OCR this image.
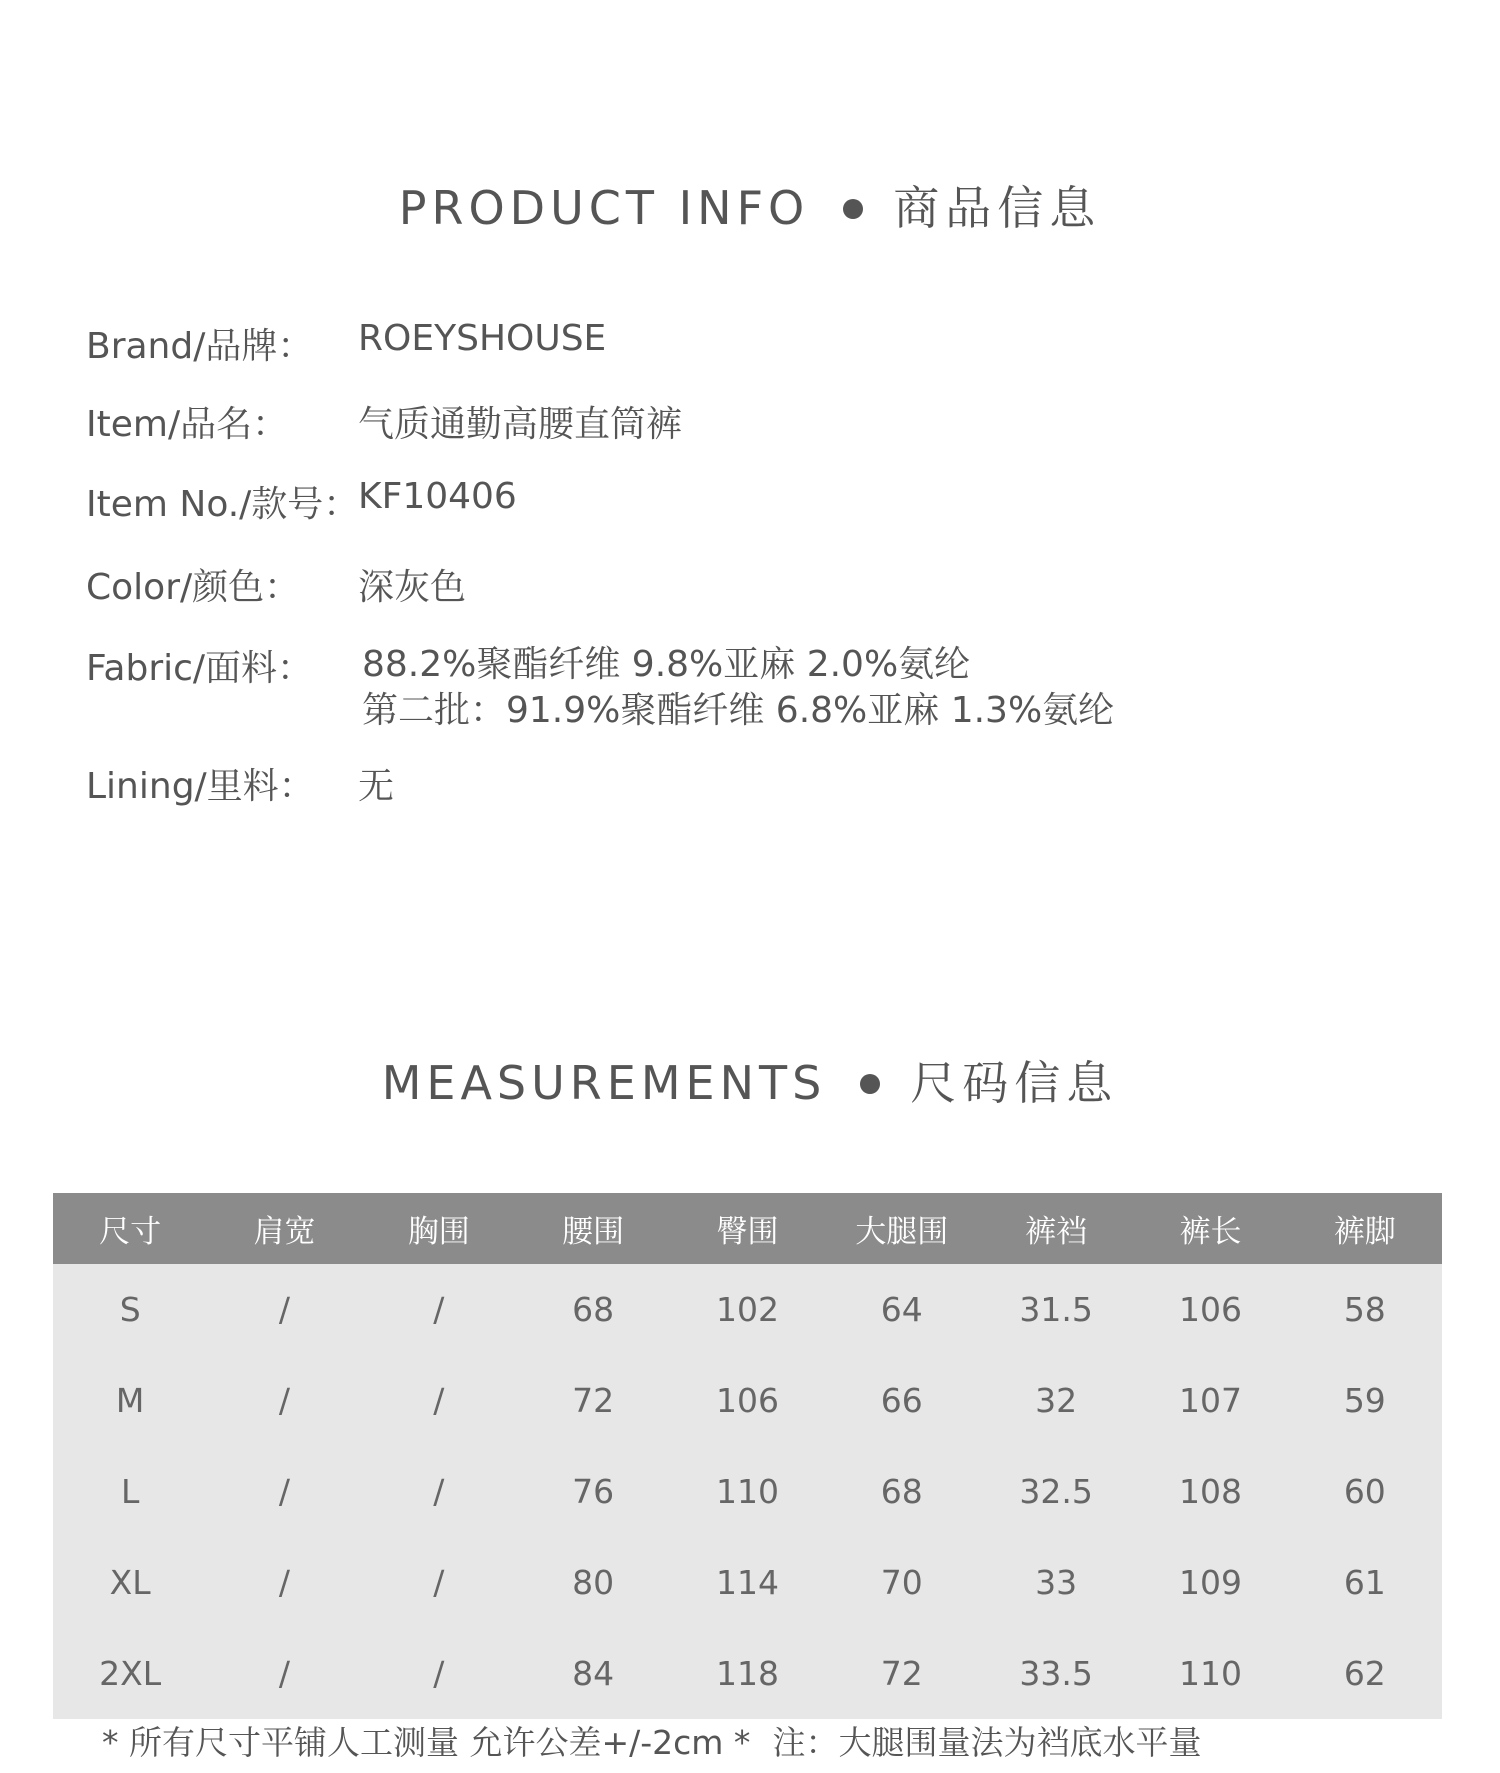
PRODUCT INFO 商品信息
Brand/品牌： ROEYSHOUSE
Item/品名： 气质通勤高腰直筒裤
Item No./款号：
KF10406
Color/颜色： 深灰色
Fabric/面料： 88.2%聚酯纤维 9.8%亚麻 2.0%氨纶
第二批：91.9%聚酯纤维 6.8%亚麻 1.3%氨纶
Lining/里料： 无
MEASUREMENTS 尺码信息
尺寸	肩宽	胸围	腰围	臀围	大腿围	裤裆	裤长	裤脚
S	/	/	68	102	64	31.5	106	58
M	/	/	72	106	66	32	107	59
L	/	/	76	110	68	32.5	108	60
XL	/	/	80	114	70	33	109	61
2XL	/	/	84	118	72	33.5	110	62
* 所有尺寸平铺人工测量 允许公差+/-2cm * 注：大腿围量法为裆底水平量
